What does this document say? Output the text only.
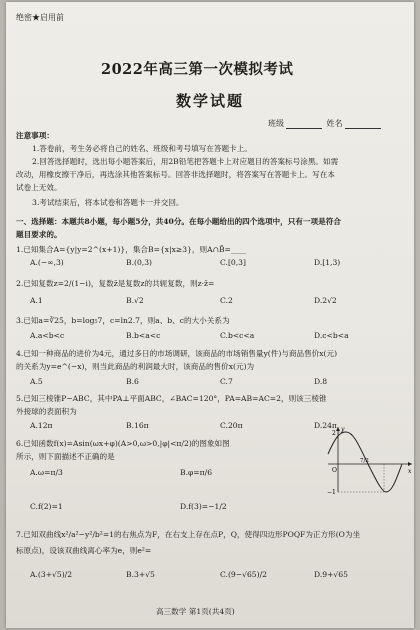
绝密★启用前
2022年高三第一次模拟考试
数学试题
班级	姓名
注意事项：
1.答卷前，考生务必将自己的姓名、班级和考号填写在答题卡上。
2.回答选择题时，选出每小题答案后，用2B铅笔把答题卡上对应题目的答案标号涂黑。如需
改动，用橡皮擦干净后，再选涂其他答案标号。回答非选择题时，将答案写在答题卡上。写在本
试卷上无效。
3.考试结束后，将本试卷和答题卡一并交回。
一、选择题：本题共8小题，每小题5分，共40分。在每小题给出的四个选项中，只有一项是符合
题目要求的。
1.已知集合A={y|y=2^(x+1)}，集合B={x|x≥3}，则A∩B̄=____
A.(−∞,3)	B.(0,3)	C.[0,3]	D.[1,3)
2.已知复数z=2/(1−i)，复数z̄是复数z的共轭复数，则z·z̄=
A.1	B.√2	C.2	D.2√2
3.已知a=∛25，b=log₅7，c=ln2.7，则a、b、c的大小关系为
A.a<b<c	B.b<a<c	C.b<c<a	D.c<b<a
4.已知一种商品的进价为4元，通过多日的市场调研，该商品的市场销售量y(件)与商品售价x(元)
的关系为y=e^(−x)，则当此商品的利润最大时，该商品的售价x(元)为
A.5	B.6	C.7	D.8
5.已知三棱锥P−ABC，其中PA⊥平面ABC，∠BAC=120°，PA=AB=AC=2，则该三棱锥
外接球的表面积为
A.12π	B.16π	C.20π	D.24π
6.已知函数f(x)=Asin(ωx+φ)(A>0,ω>0,|φ|<π/2)的图象如图
所示，则下面描述不正确的是
A.ω=π/3	B.φ=π/6
C.f(2)=1	D.f(3)=−1/2
2
−1
7/2
O	x
y
7.已知双曲线x²/a²−y²/b²=1的右焦点为F，在右支上存在点P，Q，使得四边形POQF为正方形(O为坐
标原点)，设该双曲线离心率为e，则e²=
A.(3+√5)/2	B.3+√5	C.(9−√65)/2	D.9+√65
高三数学 第1页(共4页)
